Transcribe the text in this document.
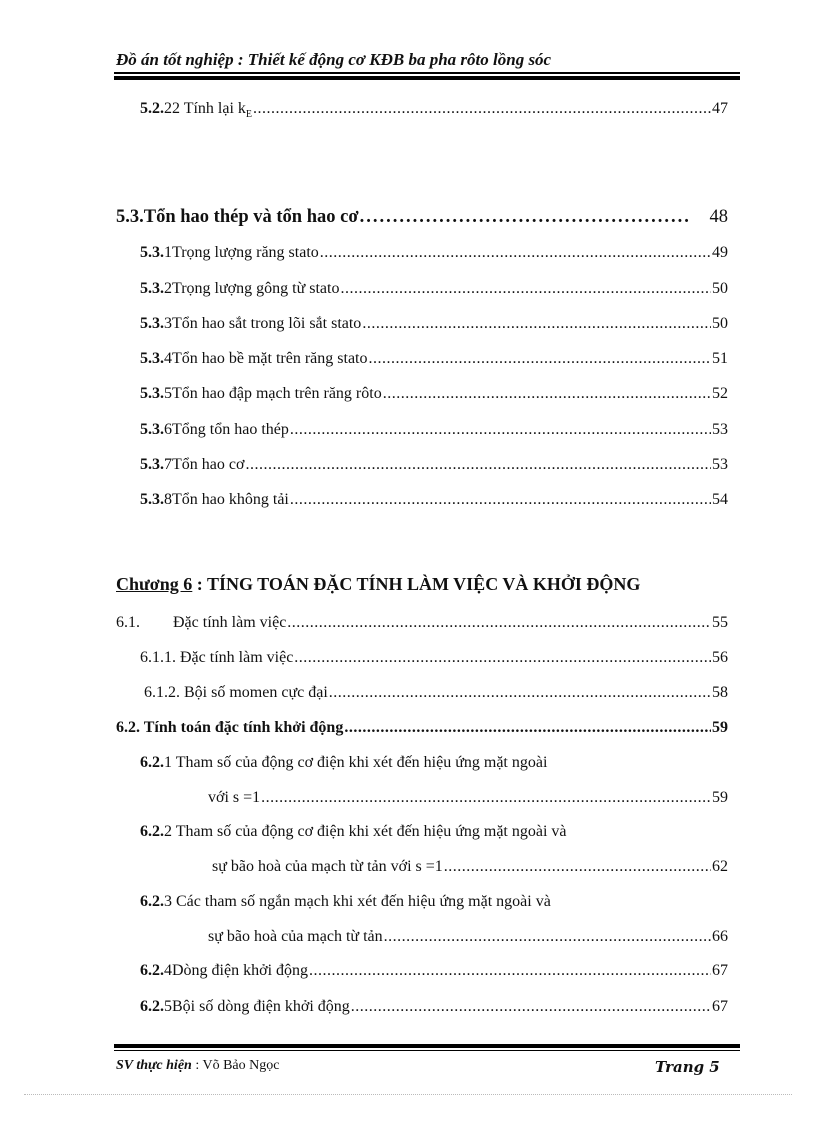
Đồ án tốt nghiệp : Thiết kế động cơ KĐB ba pha rôto lồng sóc
5.2. 22 Tính lại $k_E$ .....	47
5.3. Tổn hao thép và tổn hao cơ .....	48
5.3. 1 Trọng lượng răng stato .....	49
5.3. 2 Trọng lượng gông từ stato .....	50
5.3. 3 Tổn hao sắt trong lõi sắt stato .....	50
5.3. 4 Tổn hao bề mặt trên răng stato .....	51
5.3. 5 Tổn hao đập mạch trên răng rôto .....	52
5.3. 6 Tổng tổn hao thép .....	53
5.3. 7 Tổn hao cơ .....	53
5.3. 8 Tổn hao không tải .....	54
Chương 6 : TÍNG TOÁN ĐẶC TÍNH LÀM VIỆC VÀ KHỞI ĐỘNG
6.1.	Đặc tính làm việc .....	55
6.1.1. Đặc tính làm việc .....	56
6.1.2. Bội số momen cực đại .....	58
6.2. Tính toán đặc tính khởi động .....	59
6.2.1 Tham số của động cơ điện khi xét đến hiệu ứng mặt ngoài
với s =1 .....	59
6.2.2 Tham số của động cơ điện khi xét đến hiệu ứng mặt ngoài và
sự bão hoà của mạch từ tản với s =1 .....	62
6.2.3 Các tham số ngắn mạch khi xét đến hiệu ứng mặt ngoài và
sự bão hoà của mạch từ tản .....	66
6.2. 4 Dòng điện khởi động .....	67
6.2. 5 Bội số dòng điện khởi động .....	67
SV thực hiện : Võ Bảo Ngọc	Trang 5
